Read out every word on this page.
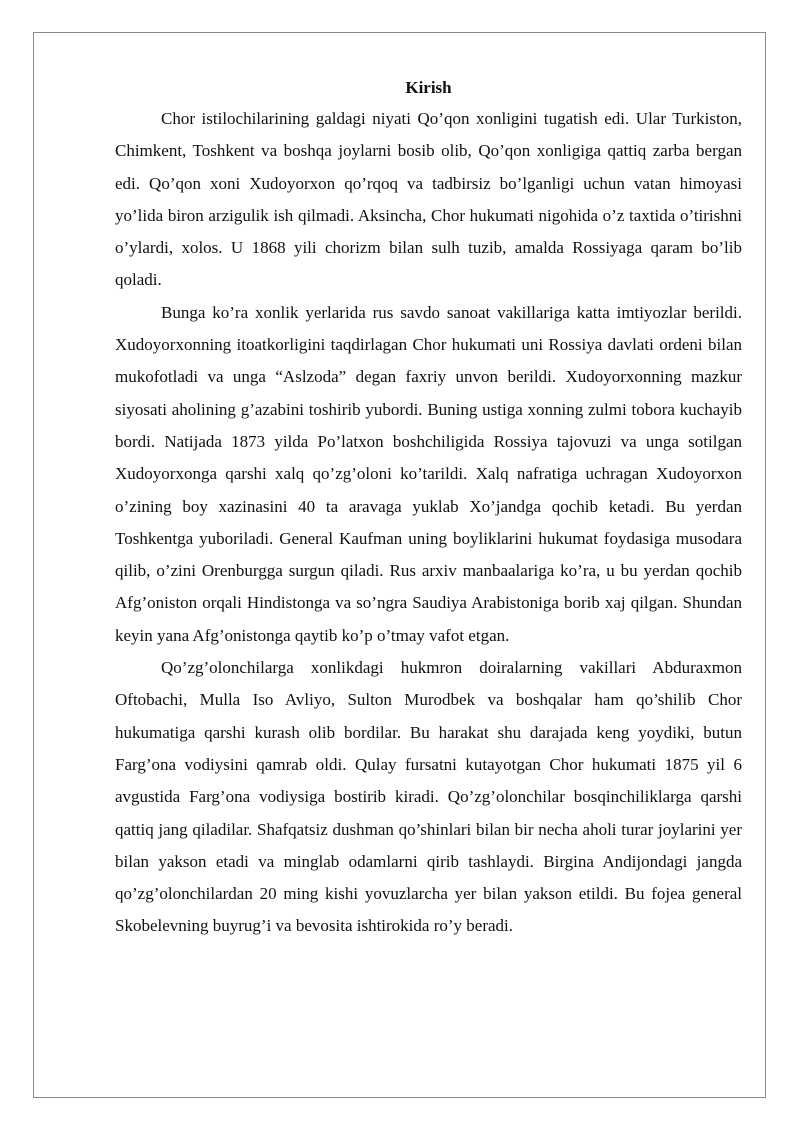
Kirish

Chor istilochilarining galdagi niyati Qo’qon xonligini tugatish edi. Ular Turkiston, Chimkent, Toshkent va boshqa joylarni bosib olib, Qo’qon xonligiga qattiq zarba bergan edi. Qo’qon xoni Xudoyorxon qo’rqoq va tadbirsiz bo’lganligi uchun vatan himoyasi yo’lida biron arzigulik ish qilmadi. Aksincha, Chor hukumati nigohida o’z taxtida o’tirishni o’ylardi, xolos. U 1868 yili chorizm bilan sulh tuzib, amalda Rossiyaga qaram bo’lib qoladi.

Bunga ko’ra xonlik yerlarida rus savdo sanoat vakillariga katta imtiyozlar berildi. Xudoyorxonning itoatkorligini taqdirlagan Chor hukumati uni Rossiya davlati ordeni bilan mukofotladi va unga “Aslzoda” degan faxriy unvon berildi. Xudoyorxonning mazkur siyosati aholining g’azabini toshirib yubordi. Buning ustiga xonning zulmi tobora kuchayib bordi. Natijada 1873 yilda Po’latxon boshchiligida Rossiya tajovuzi va unga sotilgan Xudoyorxonga qarshi xalq qo’zg’oloni ko’tarildi. Xalq nafratiga uchragan Xudoyorxon o’zining boy xazinasini 40 ta aravaga yuklab Xo’jandga qochib ketadi. Bu yerdan Toshkentga yuboriladi. General Kaufman uning boyliklarini hukumat foydasiga musodara qilib, o’zini Orenburgga surgun qiladi. Rus arxiv manbaalariga ko’ra, u bu yerdan qochib Afg’oniston orqali Hindistonga va so’ngra Saudiya Arabistoniga borib xaj qilgan. Shundan keyin yana Afg’onistonga qaytib ko’p o’tmay vafot etgan.

Qo’zg’olonchilarga xonlikdagi hukmron doiralarning vakillari Abduraxmon Oftobachi, Mulla Iso Avliyo, Sulton Murodbek va boshqalar ham qo’shilib Chor hukumatiga qarshi kurash olib bordilar. Bu harakat shu darajada keng yoydiki, butun Farg’ona vodiysini qamrab oldi. Qulay fursatni kutayotgan Chor hukumati 1875 yil 6 avgustida Farg’ona vodiysiga bostirib kiradi. Qo’zg’olonchilar bosqinchiliklarga qarshi qattiq jang qiladilar. Shafqatsiz dushman qo’shinlari bilan bir necha aholi turar joylarini yer bilan yakson etadi va minglab odamlarni qirib tashlaydi. Birgina Andijondagi jangda qo’zg’olonchilardan 20 ming kishi yovuzlarcha yer bilan yakson etildi. Bu fojea general Skobelevning buyrug’i va bevosita ishtirokida ro’y beradi.
